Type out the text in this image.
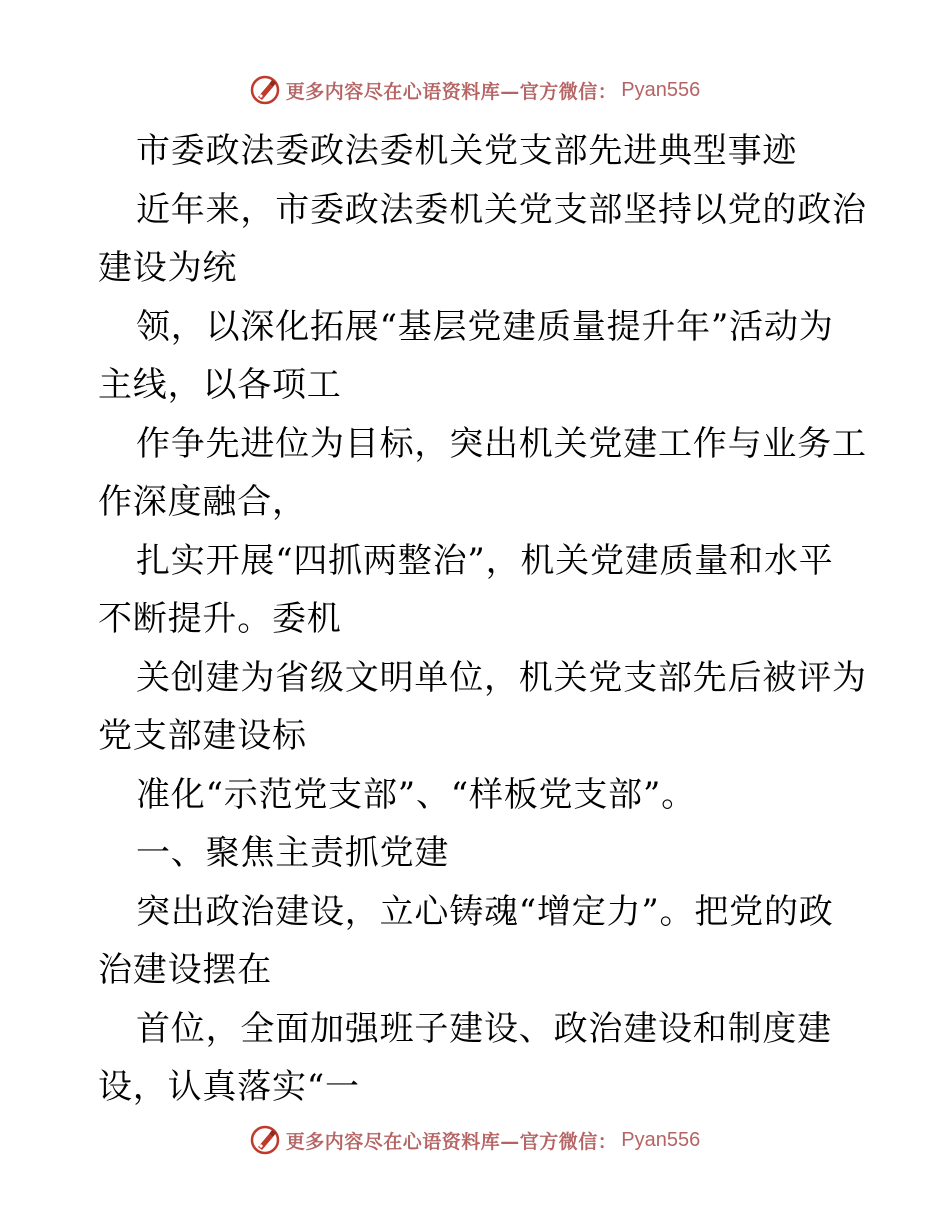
更多内容尽在心语资料库—官方微信： Pyan556
市委政法委政法委机关党支部先进典型事迹
近年来，市委政法委机关党支部坚持以党的政治
建设为统
领，以深化拓展“基层党建质量提升年”活动为
主线，以各项工
作争先进位为目标，突出机关党建工作与业务工
作深度融合，
扎实开展“四抓两整治”，机关党建质量和水平
不断提升。委机
关创建为省级文明单位，机关党支部先后被评为
党支部建设标
准化“示范党支部”、“样板党支部”。
一、聚焦主责抓党建
突出政治建设，立心铸魂“增定力”。把党的政
治建设摆在
首位，全面加强班子建设、政治建设和制度建
设，认真落实“一
更多内容尽在心语资料库—官方微信： Pyan556
